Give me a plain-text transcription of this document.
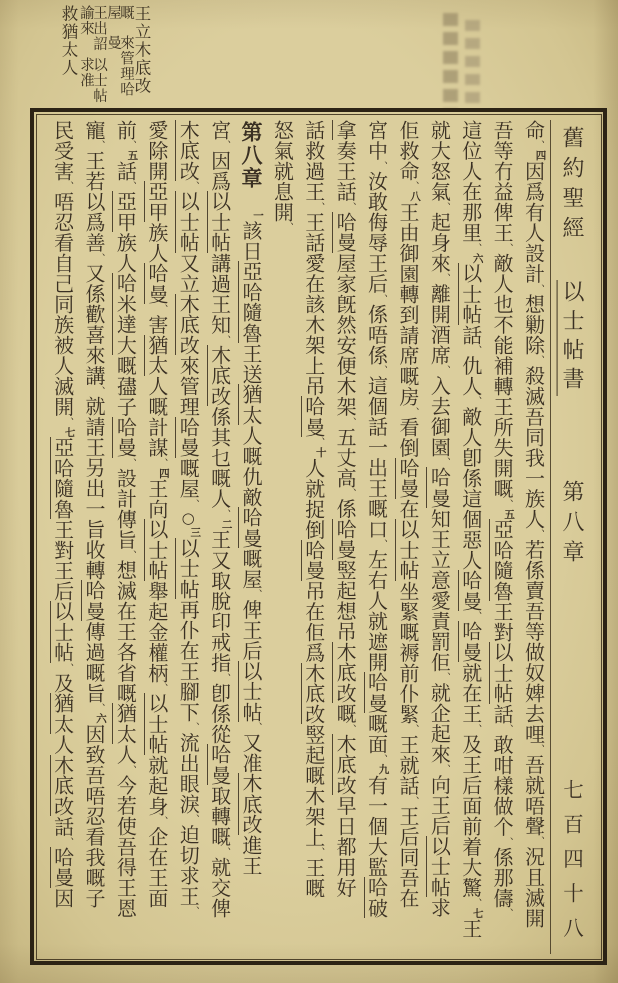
王立木底改
嘅屋
來管理哈曼
王出詔諭來
以士帖求准
救猶太人
舊約聖經
以士帖書
第八章
七百四十八
命、四因爲有人設計、想勦除、殺滅吾同我一族人、若係賣吾等做奴婢去哩、吾就唔聲、況且滅開
吾等冇益俾王、敵人也不能補轉王所失開嘅、五亞哈隨魯王對以士帖話、敢咁樣做个、係那儔、
這位人在那里、六以士帖話、仇人、敵人卽係這個惡人哈曼、哈曼就在王、及王后面前着大驚、七王
就大怒氣、起身來、離開酒席、入去御園、哈曼知王立意愛責罰佢、就企起來、向王后以士帖求
佢救命、八王由御園轉到請席嘅房、看倒哈曼在以士帖坐緊嘅褥前仆緊、王就話、王后同吾在
宮中、汝敢侮辱王后、係唔係、這個話一出王嘅口、左右人就遮開哈曼嘅面、九有一個大監哈破
拿奏王話、哈曼屋家旣然安便木架、五丈高、係哈曼竪起想吊木底改嘅、木底改早日都用好
話救過王、王話愛在該木架上吊哈曼、十人就捉倒哈曼吊在佢爲木底改竪起嘅木架上、王嘅
怒氣就息開、
第八章一該日亞哈隨魯王送猶太人嘅仇敵哈曼嘅屋、俾王后以士帖、又准木底改進王
宮、因爲以士帖講過王知、木底改係其乜嘅人、二王又取脫印戒指、卽係從哈曼取轉嘅、就交俾
木底改、以士帖又立木底改來管理哈曼嘅屋、○三以士帖再仆在王腳下、流出眼淚、迫切求王、
愛除開亞甲族人哈曼、害猶太人嘅計謀、四王向以士帖舉起金權柄、以士帖就起身、企在王面
前、五話、亞甲族人哈米達大嘅孻子哈曼、設計傳旨、想滅在王各省嘅猶太人、今若使吾得王恩
寵、王若以爲善、又係歡喜來講、就請王另出一旨收轉哈曼傳過嘅旨、六因致吾唔忍看我嘅子
民受害、唔忍看自己同族被人滅開、七亞哈隨魯王對王后以士帖、及猶太人木底改話、哈曼因
